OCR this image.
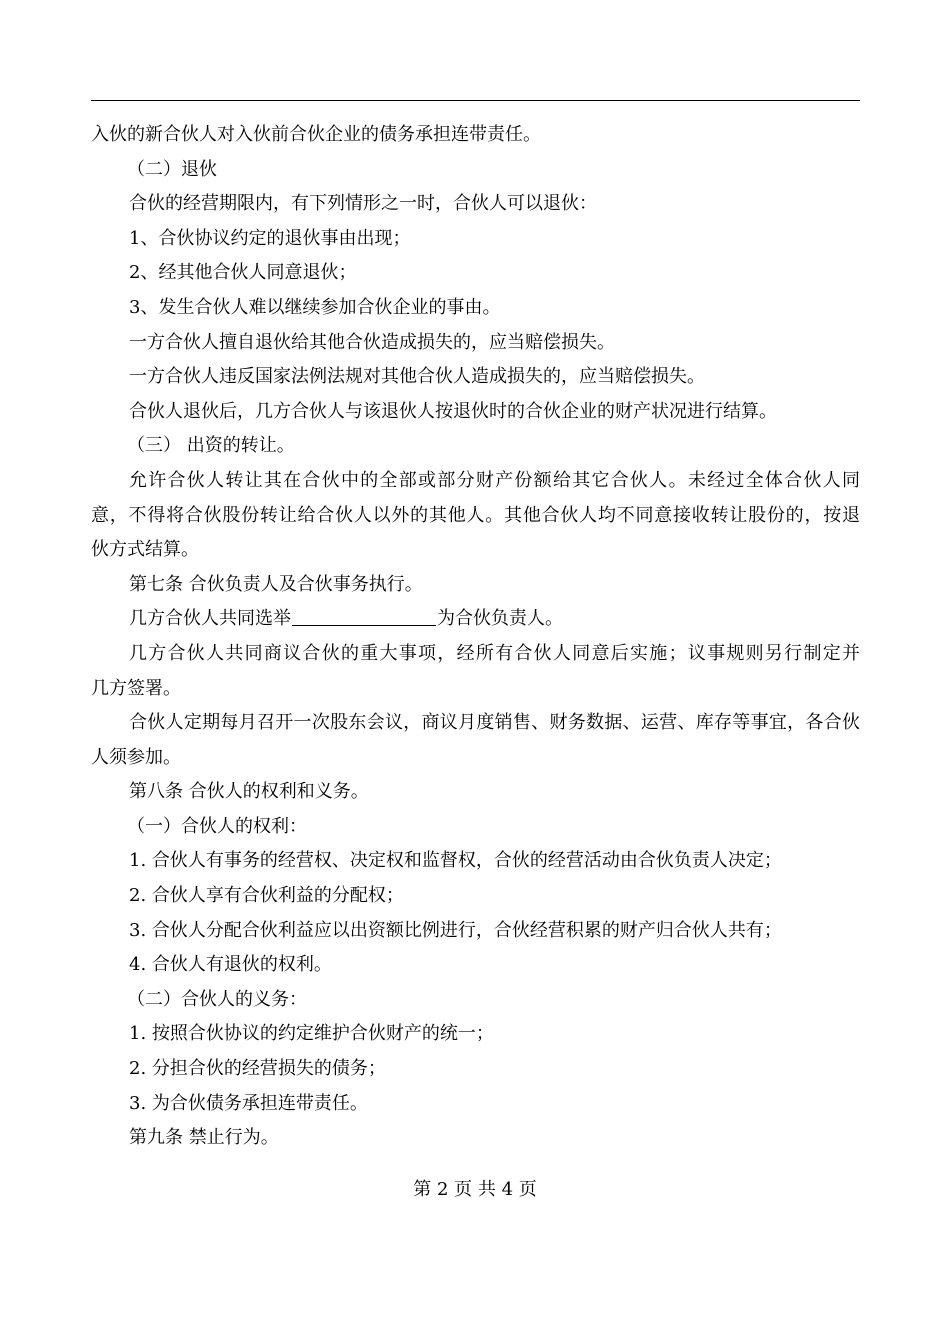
入伙的新合伙人对入伙前合伙企业的债务承担连带责任。

（二）退伙

合伙的经营期限内，有下列情形之一时，合伙人可以退伙：

1、合伙协议约定的退伙事由出现；

2、经其他合伙人同意退伙；

3、发生合伙人难以继续参加合伙企业的事由。

一方合伙人擅自退伙给其他合伙造成损失的，应当赔偿损失。

一方合伙人违反国家法例法规对其他合伙人造成损失的，应当赔偿损失。

合伙人退伙后，几方合伙人与该退伙人按退伙时的合伙企业的财产状况进行结算。

（三） 出资的转让。

允许合伙人转让其在合伙中的全部或部分财产份额给其它合伙人。未经过全体合伙人同

意，不得将合伙股份转让给合伙人以外的其他人。其他合伙人均不同意接收转让股份的，按退

伙方式结算。

第七条 合伙负责人及合伙事务执行。

几方合伙人共同选举	为合伙负责人。

几方合伙人共同商议合伙的重大事项，经所有合伙人同意后实施；议事规则另行制定并

几方签署。

合伙人定期每月召开一次股东会议，商议月度销售、财务数据、运营、库存等事宜，各合伙

人须参加。

第八条 合伙人的权利和义务。

（一）合伙人的权利：

1. 合伙人有事务的经营权、决定权和监督权，合伙的经营活动由合伙负责人决定；

2. 合伙人享有合伙利益的分配权；

3. 合伙人分配合伙利益应以出资额比例进行，合伙经营积累的财产归合伙人共有；

4. 合伙人有退伙的权利。

（二）合伙人的义务：

1. 按照合伙协议的约定维护合伙财产的统一；

2. 分担合伙的经营损失的债务；

3. 为合伙债务承担连带责任。

第九条 禁止行为。

第 2 页 共 4 页
